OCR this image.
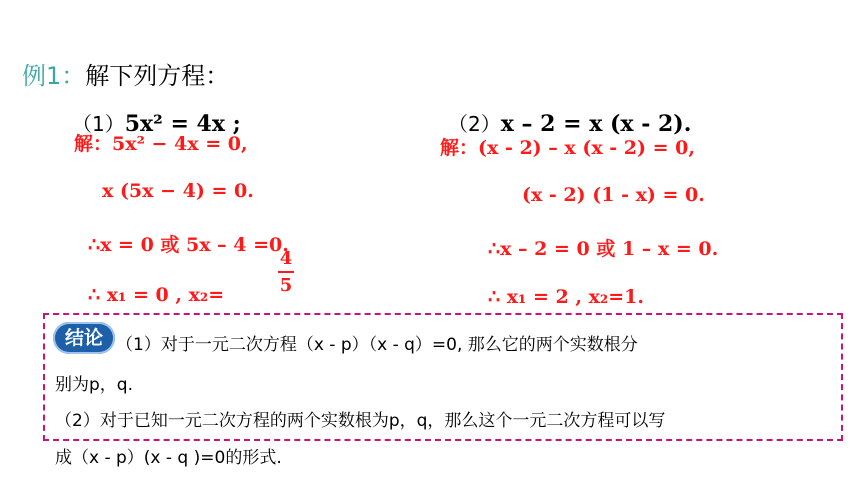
例1：解下列方程：
（1）5x² = 4x ;	（2）x – 2 = x (x - 2).
解：5x² − 4x = 0,
x (5x − 4) = 0.
∴x = 0 或 5x – 4 =0.
∴ x₁ = 0 , x₂=
4
5
解：(x - 2) – x (x - 2) = 0,
(x - 2) (1 - x) = 0.
∴x – 2 = 0 或 1 – x = 0.
∴ x₁ = 2 , x₂=1.
结论 （1）对于一元二次方程（x - p）（x - q）=0, 那么它的两个实数根分
别为p，q.
（2）对于已知一元二次方程的两个实数根为p，q，那么这个一元二次方程可以写
成（x - p）(x - q )=0的形式.
